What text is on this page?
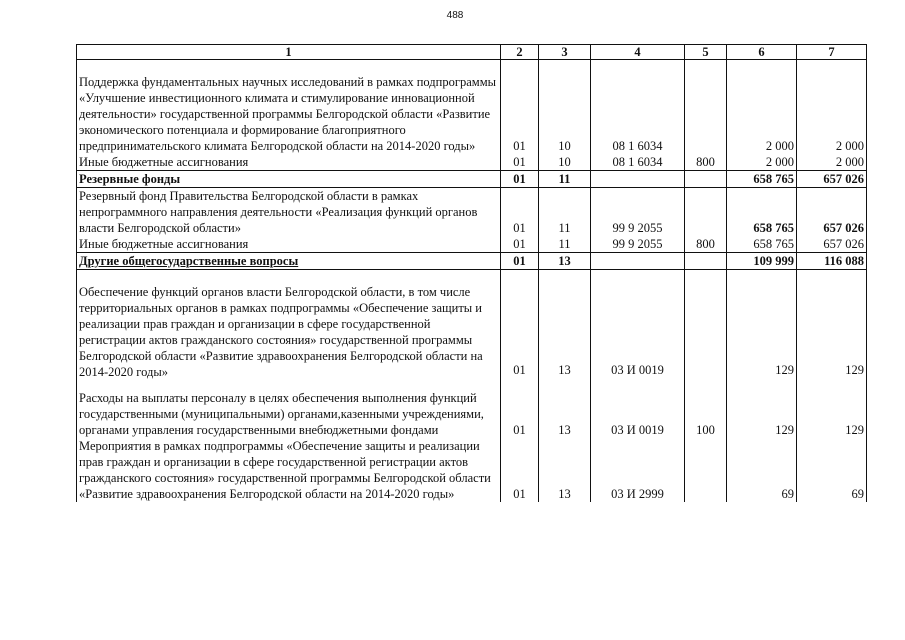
488
1	2	3	4	5	6	7
Поддержка фундаментальных научных исследований в рамках подпрограммы «Улучшение инвестиционного климата и стимулирование инновационной деятельности» государственной программы Белгородской области «Развитие экономического потенциала и формирование благоприятного предпринимательского климата Белгородской области на 2014-2020 годы»	01	10	08 1 6034		2 000	2 000
Иные бюджетные ассигнования	01	10	08 1 6034	800	2 000	2 000
Резервные фонды	01	11			658 765	657 026
Резервный фонд Правительства Белгородской области в рамках непрограммного направления деятельности «Реализация функций органов власти Белгородской области»	01	11	99 9 2055		658 765	657 026
Иные бюджетные ассигнования	01	11	99 9 2055	800	658 765	657 026
Другие общегосударственные вопросы	01	13			109 999	116 088
Обеспечение функций органов власти Белгородской области, в том числе территориальных органов в рамках подпрограммы «Обеспечение защиты и реализации прав граждан и организации в сфере государственной регистрации актов гражданского состояния» государственной программы Белгородской области «Развитие здравоохранения Белгородской области на 2014-2020 годы»	01	13	03 И 0019		129	129
Расходы на выплаты персоналу в целях обеспечения выполнения функций государственными (муниципальными) органами,казенными учреждениями, органами управления государственными внебюджетными фондами	01	13	03 И 0019	100	129	129
Мероприятия в рамках подпрограммы «Обеспечение защиты и реализации прав граждан и организации в сфере государственной регистрации актов гражданского состояния» государственной программы Белгородской области «Развитие здравоохранения Белгородской области на 2014-2020 годы»	01	13	03 И 2999		69	69
